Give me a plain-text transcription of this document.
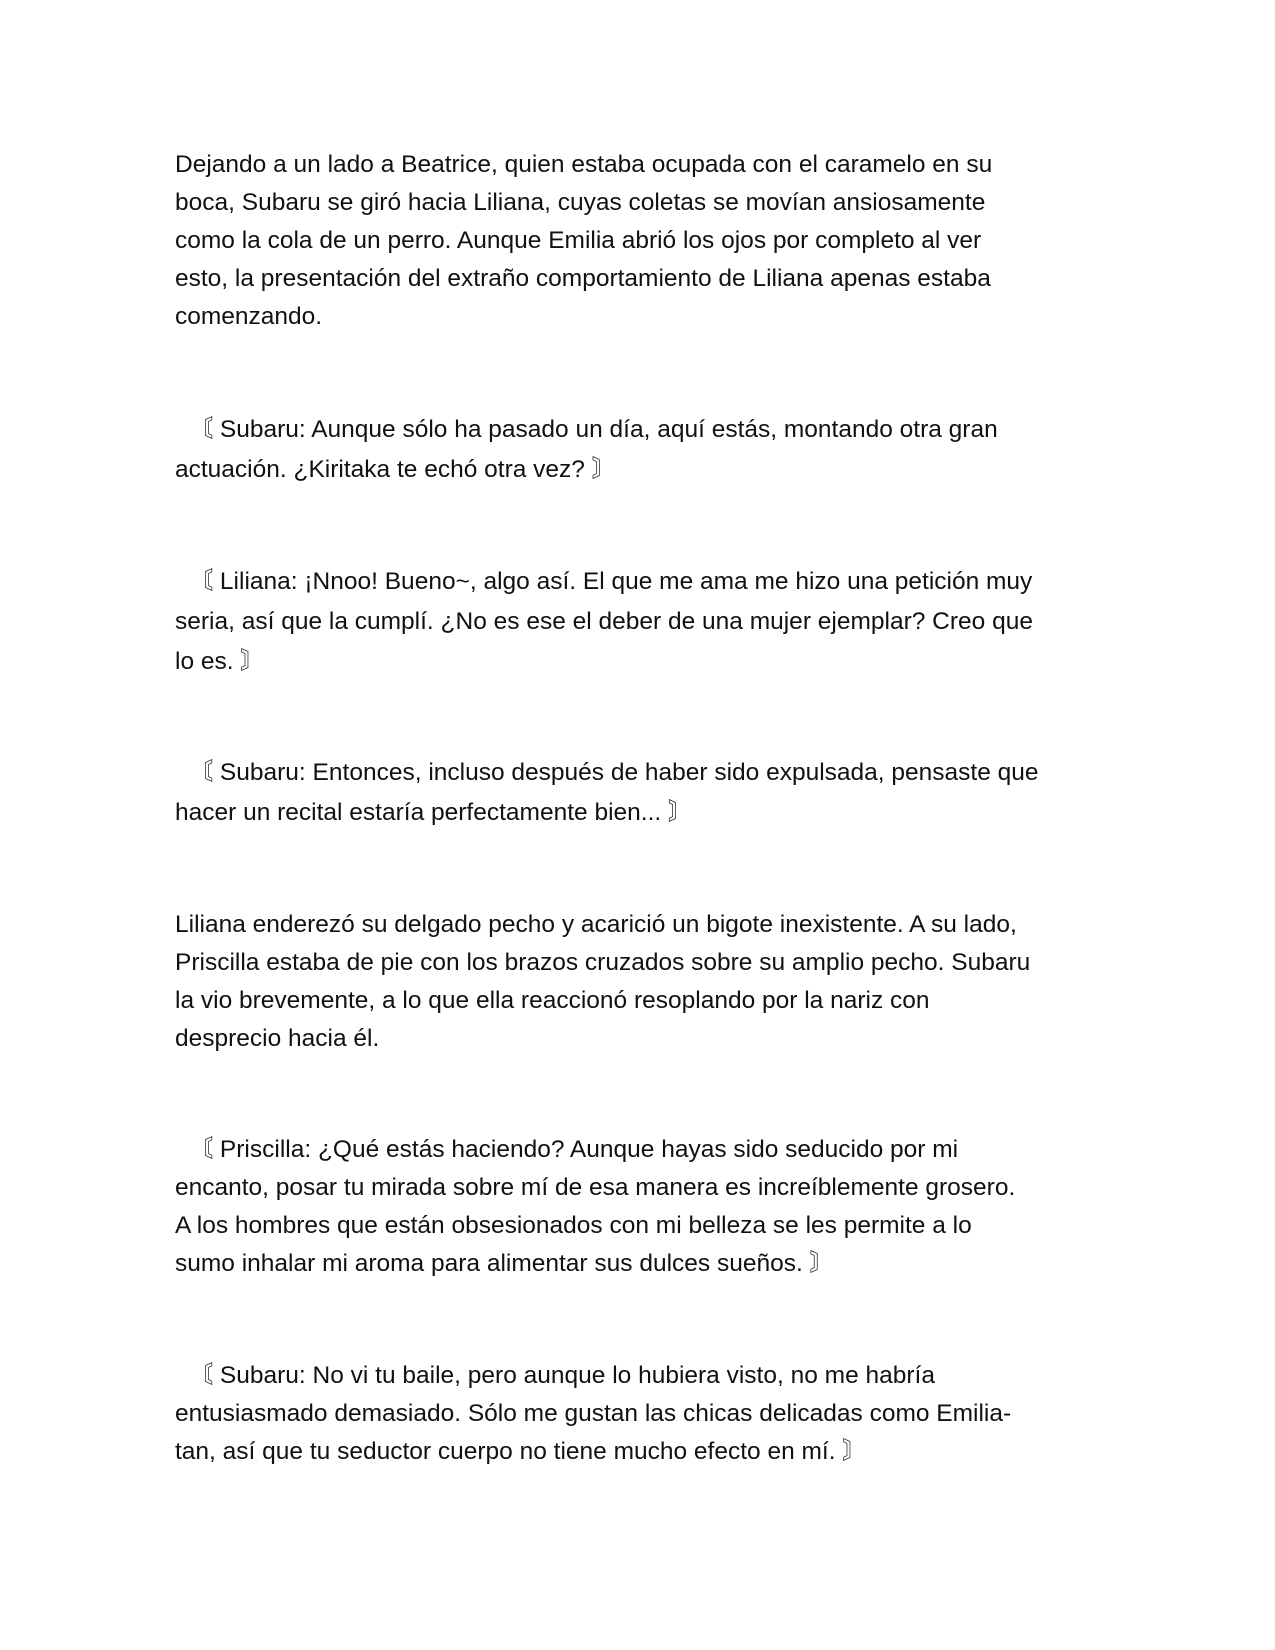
Dejando a un lado a Beatrice, quien estaba ocupada con el caramelo en su
boca, Subaru se giró hacia Liliana, cuyas coletas se movían ansiosamente
como la cola de un perro. Aunque Emilia abrió los ojos por completo al ver
esto, la presentación del extraño comportamiento de Liliana apenas estaba
comenzando.

〘 Subaru: Aunque sólo ha pasado un día, aquí estás, montando otra gran
actuación. ¿Kiritaka te echó otra vez? 〙

〘 Liliana: ¡Nnoo! Bueno~, algo así. El que me ama me hizo una petición muy
seria, así que la cumplí. ¿No es ese el deber de una mujer ejemplar? Creo que
lo es. 〙

〘 Subaru: Entonces, incluso después de haber sido expulsada, pensaste que
hacer un recital estaría perfectamente bien... 〙

Liliana enderezó su delgado pecho y acarició un bigote inexistente. A su lado,
Priscilla estaba de pie con los brazos cruzados sobre su amplio pecho. Subaru
la vio brevemente, a lo que ella reaccionó resoplando por la nariz con
desprecio hacia él.

〘 Priscilla: ¿Qué estás haciendo? Aunque hayas sido seducido por mi
encanto, posar tu mirada sobre mí de esa manera es increíblemente grosero.
A los hombres que están obsesionados con mi belleza se les permite a lo
sumo inhalar mi aroma para alimentar sus dulces sueños. 〙

〘 Subaru: No vi tu baile, pero aunque lo hubiera visto, no me habría
entusiasmado demasiado. Sólo me gustan las chicas delicadas como Emilia-
tan, así que tu seductor cuerpo no tiene mucho efecto en mí. 〙
